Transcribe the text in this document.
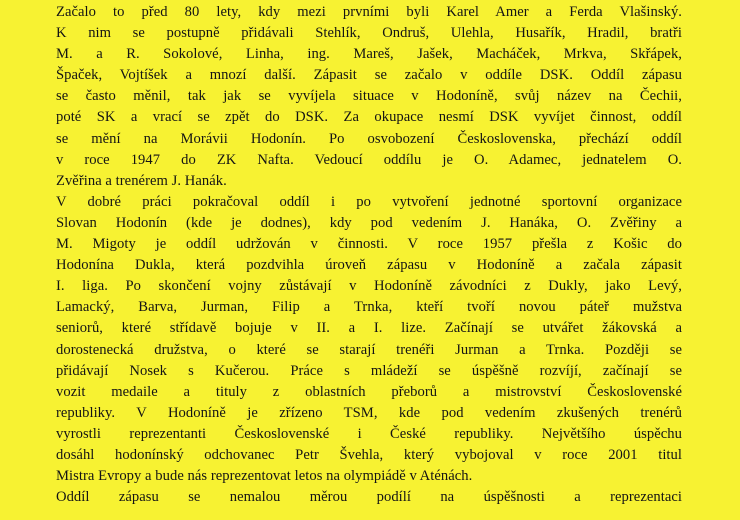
Začalo to před 80 lety, kdy mezi prvními byli Karel Amer a Ferda Vlašinský.
K nim se postupně přidávali Stehlík, Ondruš, Ulehla, Husařík, Hradil, bratři
M. a R. Sokolové, Linha, ing. Mareš, Jašek, Macháček, Mrkva, Skřápek,
Špaček, Vojtíšek a mnozí další. Zápasit se začalo v oddíle DSK. Oddíl zápasu
se často měnil, tak jak se vyvíjela situace v Hodoníně, svůj název na Čechii,
poté SK a vrací se zpět do DSK. Za okupace nesmí DSK vyvíjet činnost, oddíl
se mění na Morávii Hodonín. Po osvobození Československa, přechází oddíl
v roce 1947 do ZK Nafta. Vedoucí oddílu je O. Adamec, jednatelem O.
Zvěřina a trenérem J. Hanák.
V dobré práci pokračoval oddíl i po vytvoření jednotné sportovní organizace
Slovan Hodonín (kde je dodnes), kdy pod vedením J. Hanáka, O. Zvěřiny a
M. Migoty je oddíl udržován v činnosti. V roce 1957 přešla z Košic do
Hodonína Dukla, která pozdvihla úroveň zápasu v Hodoníně a začala zápasit
I. liga. Po skončení vojny zůstávají v Hodoníně závodníci z Dukly, jako Levý,
Lamacký, Barva, Jurman, Filip a Trnka, kteří tvoří novou páteř mužstva
seniorů, které střídavě bojuje v II. a I. lize. Začínají se utvářet žákovská a
dorostenecká družstva, o které se starají trenéři Jurman a Trnka. Později se
přidávají Nosek s Kučerou. Práce s mládeží se úspěšně rozvíjí, začínají se
vozit medaile a tituly z oblastních přeborů a mistrovství Československé
republiky. V Hodoníně je zřízeno TSM, kde pod vedením zkušených trenérů
vyrostli reprezentanti Československé i České republiky. Největšího úspěchu
dosáhl hodonínský odchovanec Petr Švehla, který vybojoval v roce 2001 titul
Mistra Evropy a bude nás reprezentovat letos na olympiádě v Aténách.
Oddíl zápasu se nemalou měrou podílí na úspěšnosti a reprezentaci
